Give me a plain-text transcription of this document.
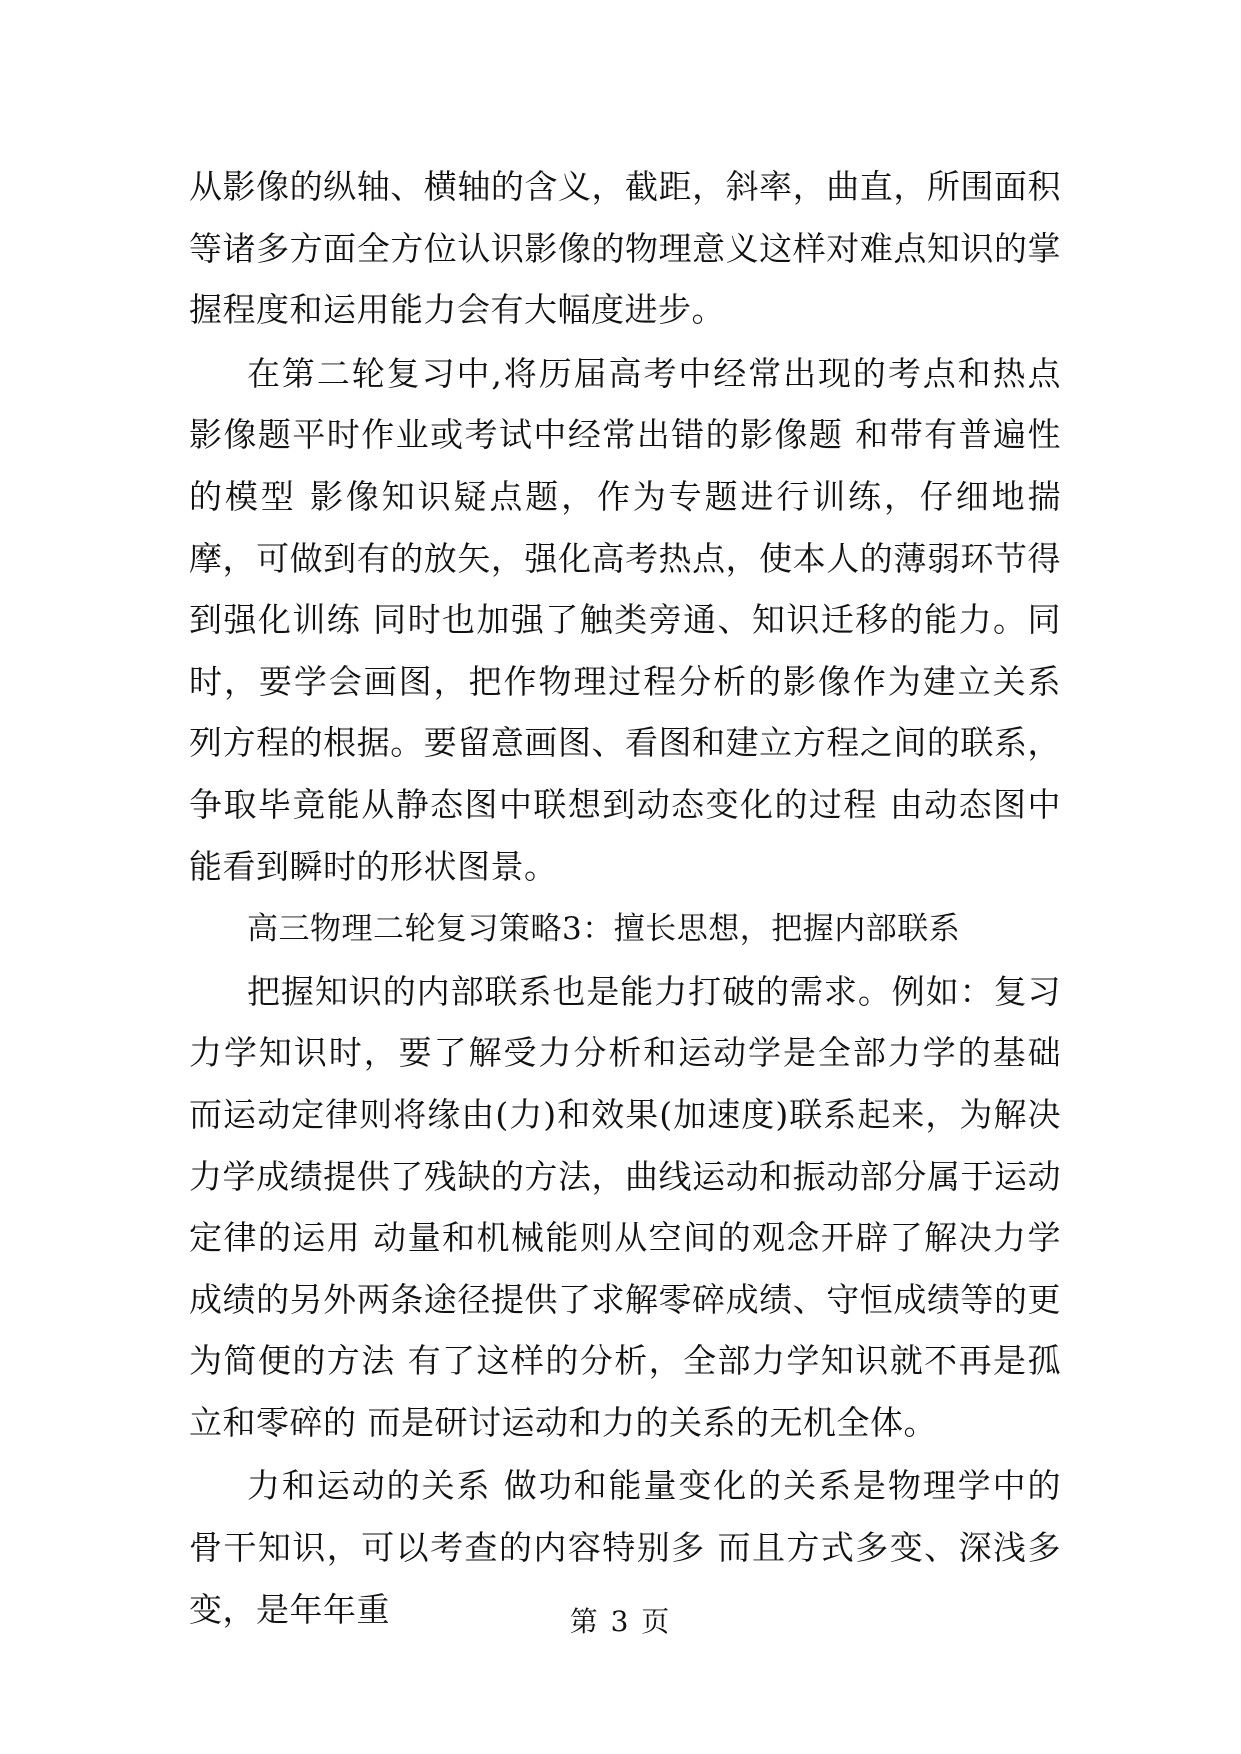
从影像的纵轴、横轴的含义，截距，斜率，曲直，所围面积等诸多方面全方位认识影像的物理意义这样对难点知识的掌握程度和运用能力会有大幅度进步。

在第二轮复习中,将历届高考中经常出现的考点和热点影像题平时作业或考试中经常出错的影像题 和带有普遍性的模型 影像知识疑点题，作为专题进行训练，仔细地揣摩，可做到有的放矢，强化高考热点，使本人的薄弱环节得到强化训练 同时也加强了触类旁通、知识迁移的能力。同时，要学会画图，把作物理过程分析的影像作为建立关系 列方程的根据。要留意画图、看图和建立方程之间的联系，争取毕竟能从静态图中联想到动态变化的过程 由动态图中能看到瞬时的形状图景。

高三物理二轮复习策略3：擅长思想，把握内部联系

把握知识的内部联系也是能力打破的需求。例如：复习力学知识时，要了解受力分析和运动学是全部力学的基础 而运动定律则将缘由(力)和效果(加速度)联系起来，为解决力学成绩提供了残缺的方法，曲线运动和振动部分属于运动定律的运用 动量和机械能则从空间的观念开辟了解决力学成绩的另外两条途径提供了求解零碎成绩、守恒成绩等的更为简便的方法 有了这样的分析，全部力学知识就不再是孤立和零碎的 而是研讨运动和力的关系的无机全体。

力和运动的关系 做功和能量变化的关系是物理学中的骨干知识，可以考查的内容特别多 而且方式多变、深浅多变，是年年重	第 3 页
